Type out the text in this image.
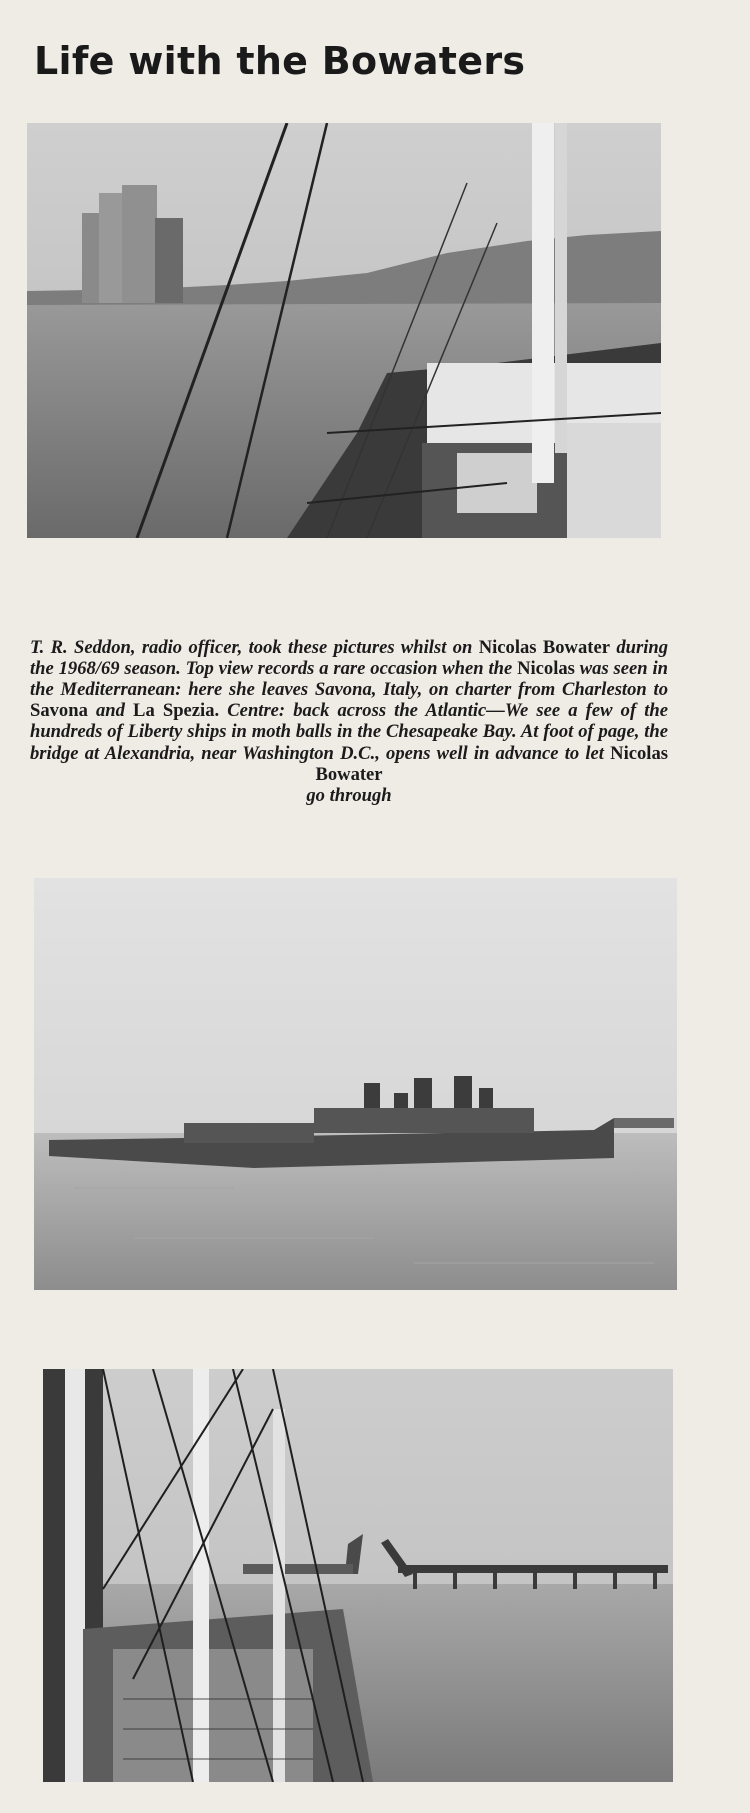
Life with the Bowaters

T. R. Seddon, radio officer, took these pictures whilst on Nicolas Bowater during the 1968/69 season. Top view records a rare occasion when the Nicolas was seen in the Mediterranean: here she leaves Savona, Italy, on charter from Charleston to Savona and La Spezia. Centre: back across the Atlantic—We see a few of the hundreds of Liberty ships in moth balls in the Chesapeake Bay. At foot of page, the bridge at Alexandria, near Washington D.C., opens well in advance to let Nicolas Bowater
go through
